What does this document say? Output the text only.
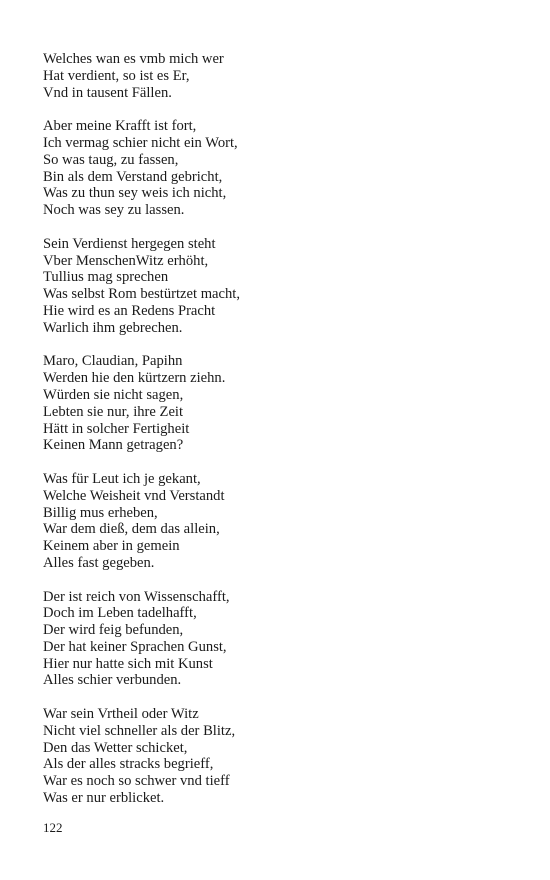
Welches wan es vmb mich wer
Hat verdient, so ist es Er,
Vnd in tausent Fällen.
Aber meine Krafft ist fort,
Ich vermag schier nicht ein Wort,
So was taug, zu fassen,
Bin als dem Verstand gebricht,
Was zu thun sey weis ich nicht,
Noch was sey zu lassen.
Sein Verdienst hergegen steht
Vber MenschenWitz erhöht,
Tullius mag sprechen
Was selbst Rom bestürtzet macht,
Hie wird es an Redens Pracht
Warlich ihm gebrechen.
Maro, Claudian, Papihn
Werden hie den kürtzern ziehn.
Würden sie nicht sagen,
Lebten sie nur, ihre Zeit
Hätt in solcher Fertigheit
Keinen Mann getragen?
Was für Leut ich je gekant,
Welche Weisheit vnd Verstandt
Billig mus erheben,
War dem dieß, dem das allein,
Keinem aber in gemein
Alles fast gegeben.
Der ist reich von Wissenschafft,
Doch im Leben tadelhafft,
Der wird feig befunden,
Der hat keiner Sprachen Gunst,
Hier nur hatte sich mit Kunst
Alles schier verbunden.
War sein Vrtheil oder Witz
Nicht viel schneller als der Blitz,
Den das Wetter schicket,
Als der alles stracks begrieff,
War es noch so schwer vnd tieff
Was er nur erblicket.
122
